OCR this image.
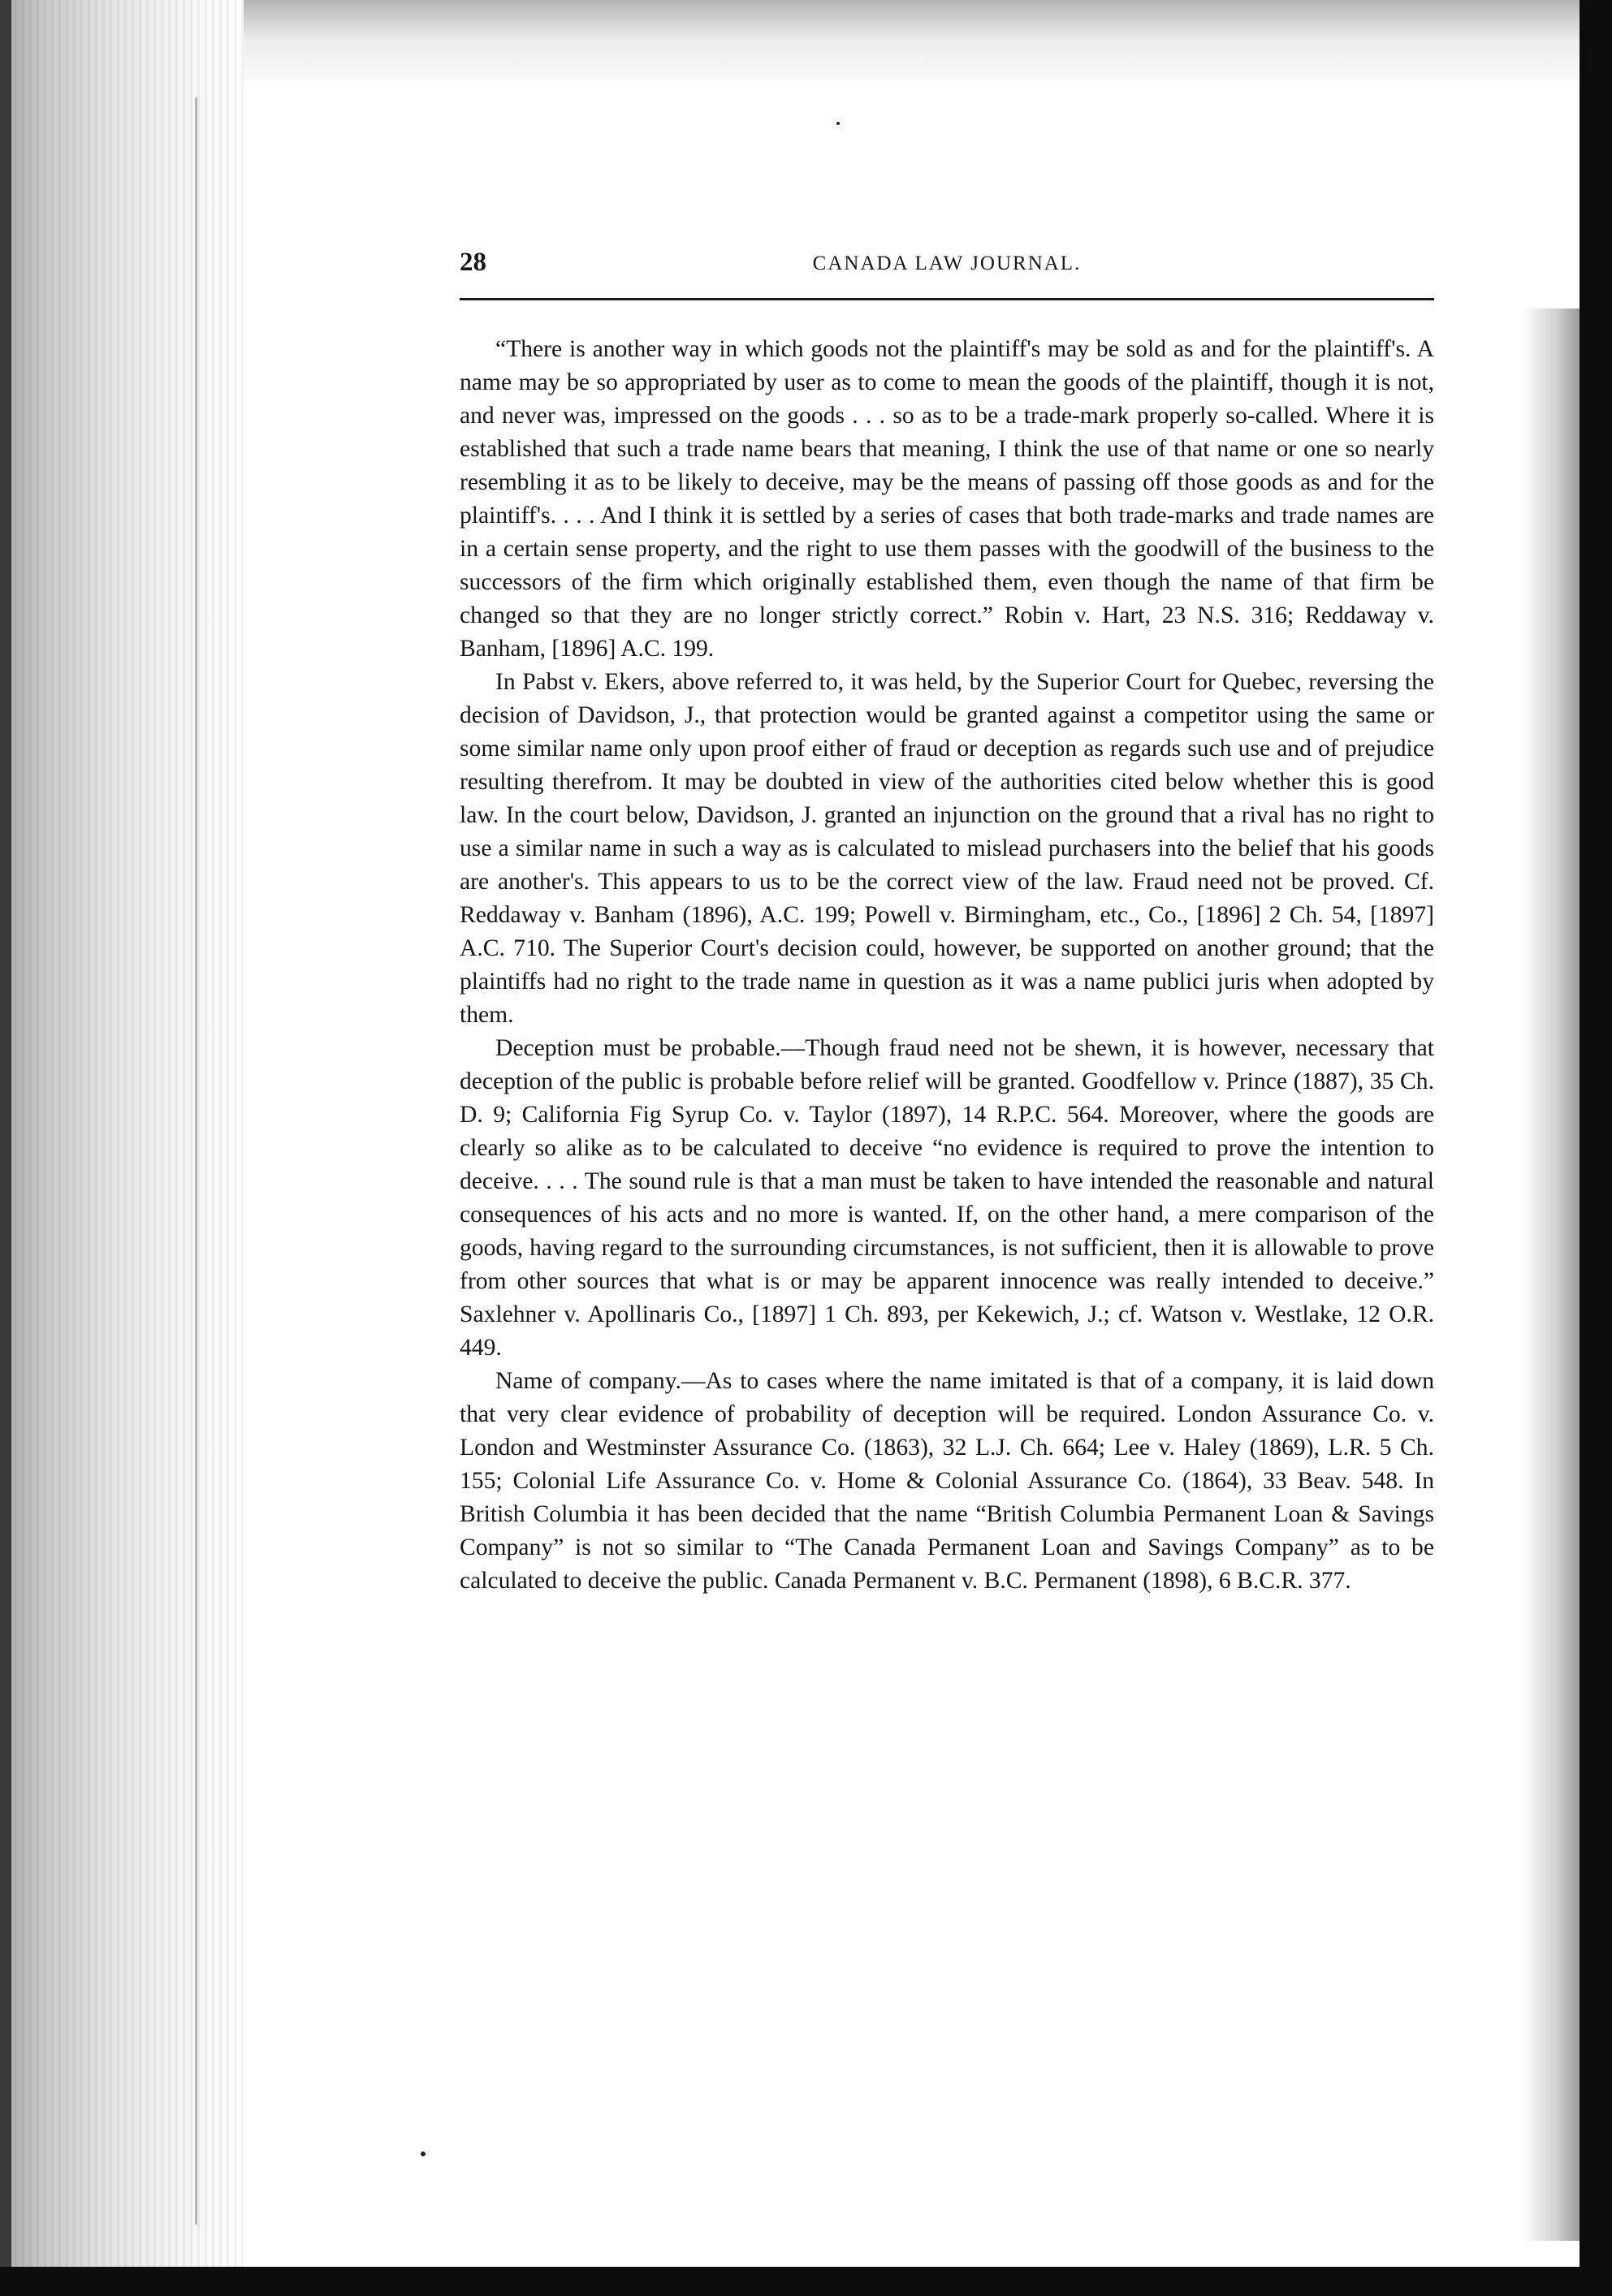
28	CANADA LAW JOURNAL.

“There is another way in which goods not the plaintiff's may be sold as and for the plaintiff's. A name may be so appropriated by user as to come to mean the goods of the plaintiff, though it is not, and never was, impressed on the goods . . . so as to be a trade-mark properly so-called. Where it is established that such a trade name bears that meaning, I think the use of that name or one so nearly resembling it as to be likely to deceive, may be the means of passing off those goods as and for the plaintiff's. . . . And I think it is settled by a series of cases that both trade-marks and trade names are in a certain sense property, and the right to use them passes with the goodwill of the business to the successors of the firm which originally established them, even though the name of that firm be changed so that they are no longer strictly correct.” Robin v. Hart, 23 N.S. 316; Reddaway v. Banham, [1896] A.C. 199.

In Pabst v. Ekers, above referred to, it was held, by the Superior Court for Quebec, reversing the decision of Davidson, J., that protection would be granted against a competitor using the same or some similar name only upon proof either of fraud or deception as regards such use and of prejudice resulting therefrom. It may be doubted in view of the authorities cited below whether this is good law. In the court below, Davidson, J. granted an injunction on the ground that a rival has no right to use a similar name in such a way as is calculated to mislead purchasers into the belief that his goods are another's. This appears to us to be the correct view of the law. Fraud need not be proved. Cf. Reddaway v. Banham (1896), A.C. 199; Powell v. Birmingham, etc., Co., [1896] 2 Ch. 54, [1897] A.C. 710. The Superior Court's decision could, however, be supported on another ground; that the plaintiffs had no right to the trade name in question as it was a name publici juris when adopted by them.

Deception must be probable.—Though fraud need not be shewn, it is however, necessary that deception of the public is probable before relief will be granted. Goodfellow v. Prince (1887), 35 Ch. D. 9; California Fig Syrup Co. v. Taylor (1897), 14 R.P.C. 564. Moreover, where the goods are clearly so alike as to be calculated to deceive “no evidence is required to prove the intention to deceive. . . . The sound rule is that a man must be taken to have intended the reasonable and natural consequences of his acts and no more is wanted. If, on the other hand, a mere comparison of the goods, having regard to the surrounding circumstances, is not sufficient, then it is allowable to prove from other sources that what is or may be apparent innocence was really intended to deceive.” Saxlehner v. Apollinaris Co., [1897] 1 Ch. 893, per Kekewich, J.; cf. Watson v. Westlake, 12 O.R. 449.

Name of company.—As to cases where the name imitated is that of a company, it is laid down that very clear evidence of probability of deception will be required. London Assurance Co. v. London and Westminster Assurance Co. (1863), 32 L.J. Ch. 664; Lee v. Haley (1869), L.R. 5 Ch. 155; Colonial Life Assurance Co. v. Home & Colonial Assurance Co. (1864), 33 Beav. 548. In British Columbia it has been decided that the name “British Columbia Permanent Loan & Savings Company” is not so similar to “The Canada Permanent Loan and Savings Company” as to be calculated to deceive the public. Canada Permanent v. B.C. Permanent (1898), 6 B.C.R. 377.
